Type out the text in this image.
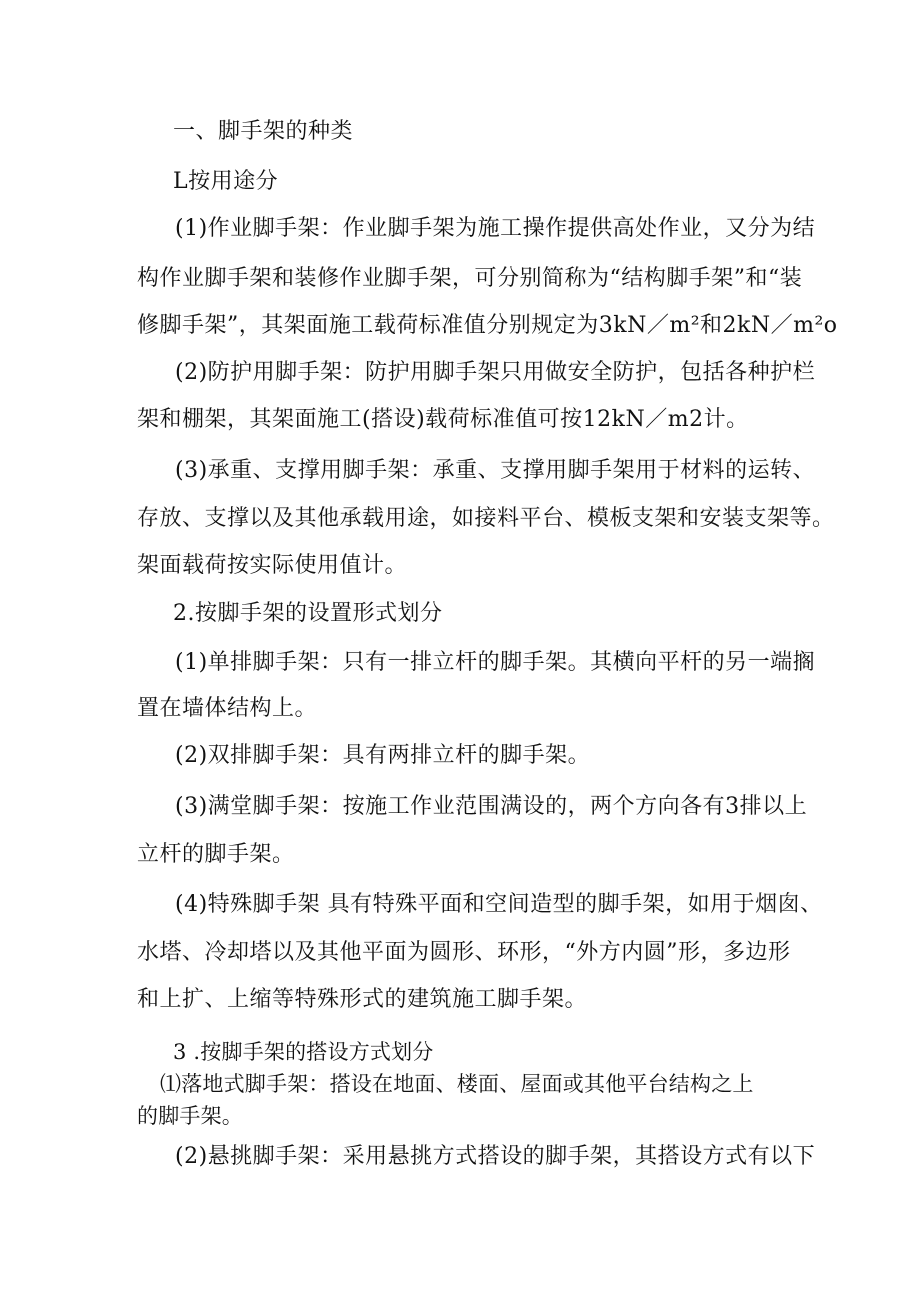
一、脚手架的种类

L按用途分

(1)作业脚手架：作业脚手架为施工操作提供高处作业，又分为结

构作业脚手架和装修作业脚手架，可分别简称为“结构脚手架”和“装

修脚手架”，其架面施工载荷标准值分别规定为3kN／m²和2kN／m²o

(2)防护用脚手架：防护用脚手架只用做安全防护，包括各种护栏

架和棚架，其架面施工(搭设)载荷标准值可按12kN／m2计。

(3)承重、支撑用脚手架：承重、支撑用脚手架用于材料的运转、

存放、支撑以及其他承载用途，如接料平台、模板支架和安装支架等。

架面载荷按实际使用值计。

2.按脚手架的设置形式划分

(1)单排脚手架：只有一排立杆的脚手架。其横向平杆的另一端搁

置在墙体结构上。

(2)双排脚手架：具有两排立杆的脚手架。

(3)满堂脚手架：按施工作业范围满设的，两个方向各有3排以上

立杆的脚手架。

(4)特殊脚手架 具有特殊平面和空间造型的脚手架，如用于烟囱、

水塔、冷却塔以及其他平面为圆形、环形，“外方内圆”形，多边形

和上扩、上缩等特殊形式的建筑施工脚手架。

3 .按脚手架的搭设方式划分

⑴落地式脚手架：搭设在地面、楼面、屋面或其他平台结构之上

的脚手架。

(2)悬挑脚手架：采用悬挑方式搭设的脚手架，其搭设方式有以下
